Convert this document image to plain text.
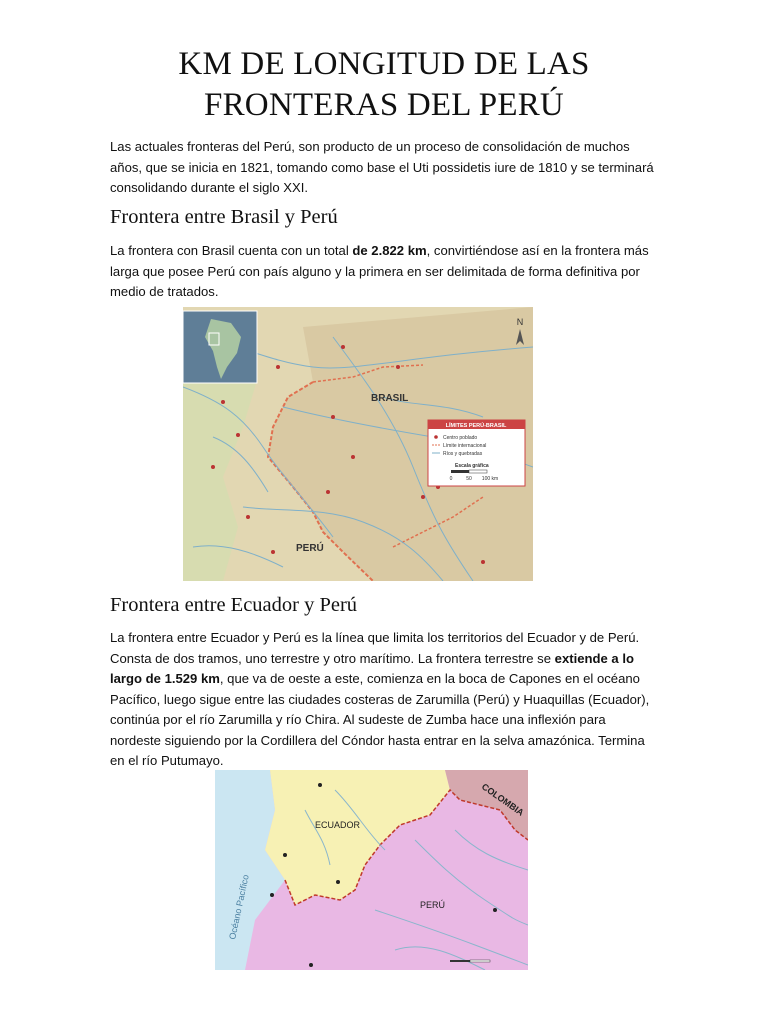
KM DE LONGITUD DE LAS
FRONTERAS DEL PERÚ
Las actuales fronteras del Perú, son producto de un proceso de consolidación de muchos años, que se inicia en 1821, tomando como base el Uti possidetis iure de 1810 y se terminará consolidando durante el siglo XXI.
Frontera entre Brasil y Perú
La frontera con Brasil cuenta con un total de 2.822 km, convirtiéndose así en la frontera más larga que posee Perú con país alguno y la primera en ser delimitada de forma definitiva por medio de tratados.
N
BRASIL
PERÚ
LÍMITES PERÚ-BRASIL
Centro poblado
Límite internacional
Ríos y quebradas
Escala gráfica
0	50 100 km
Frontera entre Ecuador y Perú
La frontera entre Ecuador y Perú es la línea que limita los territorios del Ecuador y de Perú. Consta de dos tramos, uno terrestre y otro marítimo. La frontera terrestre se extiende a lo largo de 1.529 km, que va de oeste a este, comienza en la boca de Capones en el océano Pacífico, luego sigue entre las ciudades costeras de Zarumilla (Perú) y Huaquillas (Ecuador), continúa por el río Zarumilla y río Chira. Al sudeste de Zumba hace una inflexión para nordeste siguiendo por la Cordillera del Cóndor hasta entrar en la selva amazónica. Termina en el río Putumayo.
ECUADOR
PERÚ
COLOMBIA
Océano Pacífico
